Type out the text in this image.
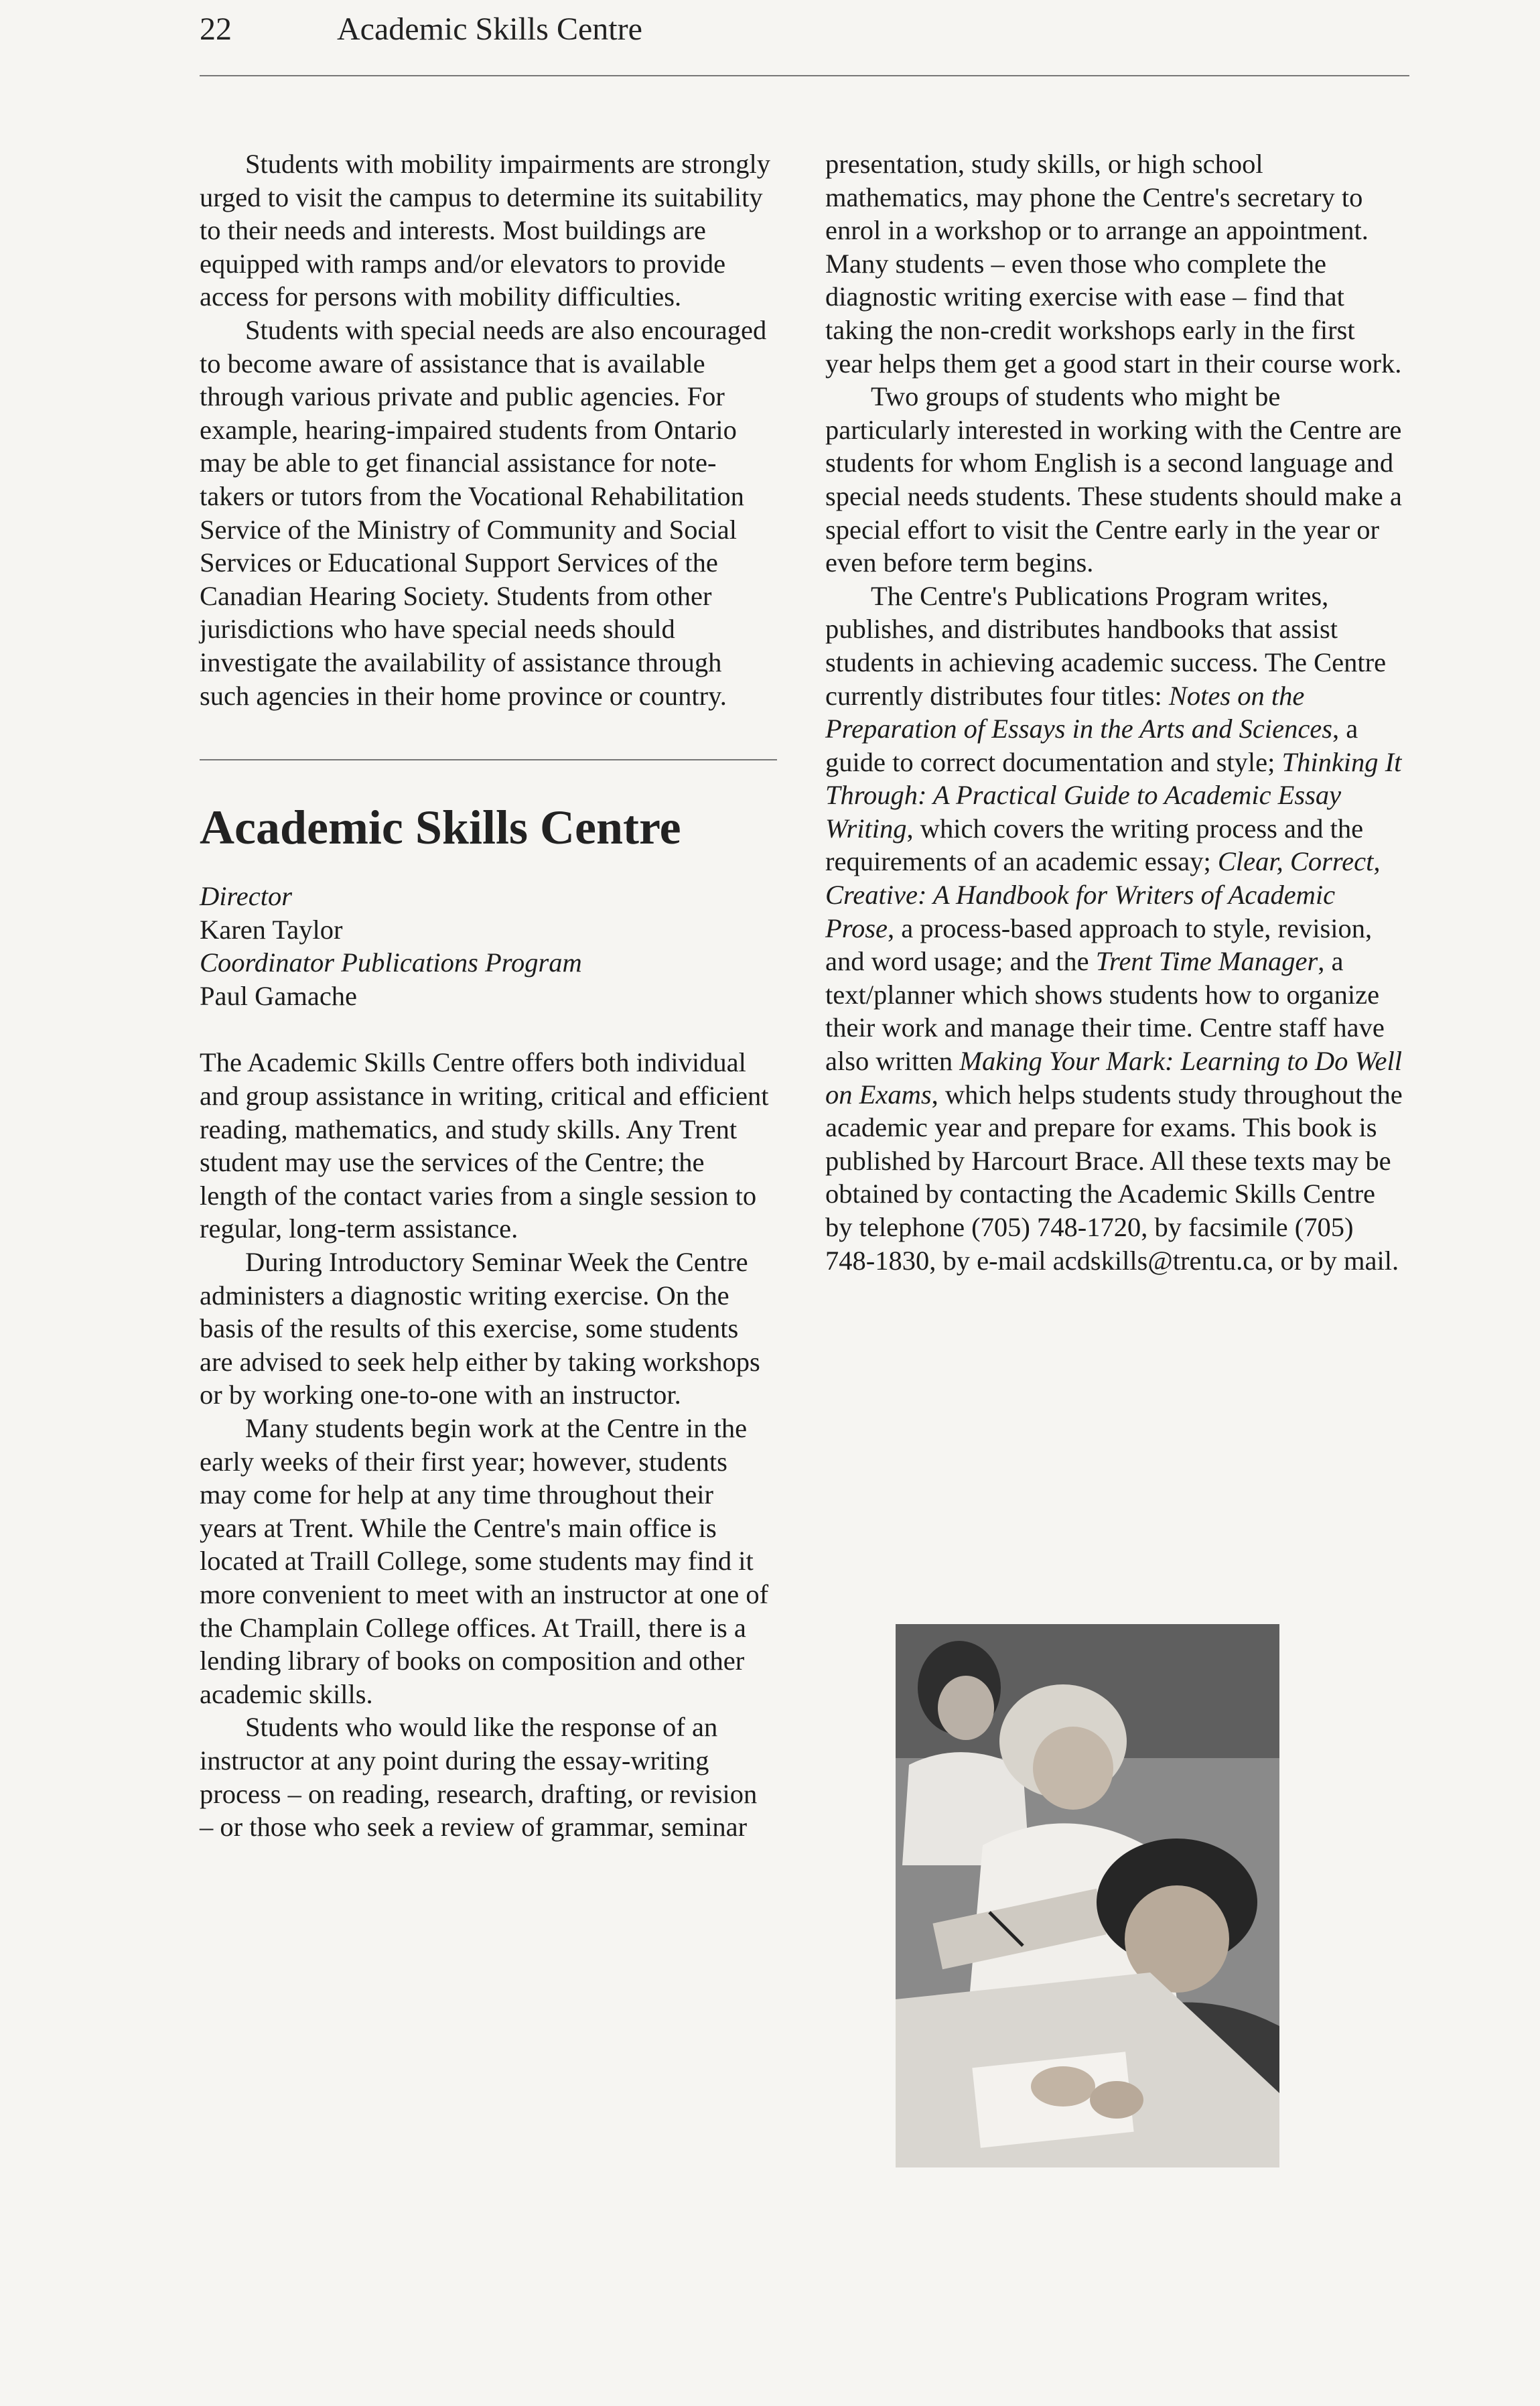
22	Academic Skills Centre

Students with mobility impairments are strongly urged to visit the campus to determine its suitability to their needs and interests. Most buildings are equipped with ramps and/or elevators to provide access for persons with mobility difficulties.

Students with special needs are also encouraged to become aware of assistance that is available through various private and public agencies. For example, hearing-impaired students from Ontario may be able to get financial assistance for note-takers or tutors from the Vocational Rehabilitation Service of the Ministry of Community and Social Services or Educational Support Services of the Canadian Hearing Society. Students from other jurisdictions who have special needs should investigate the availability of assistance through such agencies in their home province or country.

Academic Skills Centre
Director
Karen Taylor
Coordinator Publications Program
Paul Gamache

The Academic Skills Centre offers both individual and group assistance in writing, critical and efficient reading, mathematics, and study skills. Any Trent student may use the services of the Centre; the length of the contact varies from a single session to regular, long-term assistance.

During Introductory Seminar Week the Centre administers a diagnostic writing exercise. On the basis of the results of this exercise, some students are advised to seek help either by taking workshops or by working one-to-one with an instructor.

Many students begin work at the Centre in the early weeks of their first year; however, students may come for help at any time throughout their years at Trent. While the Centre's main office is located at Traill College, some students may find it more convenient to meet with an instructor at one of the Champlain College offices. At Traill, there is a lending library of books on composition and other academic skills.

Students who would like the response of an instructor at any point during the essay-writing process – on reading, research, drafting, or revision – or those who seek a review of grammar, seminar

presentation, study skills, or high school mathematics, may phone the Centre's secretary to enrol in a workshop or to arrange an appointment. Many students – even those who complete the diagnostic writing exercise with ease – find that taking the non-credit workshops early in the first year helps them get a good start in their course work.

Two groups of students who might be particularly interested in working with the Centre are students for whom English is a second language and special needs students. These students should make a special effort to visit the Centre early in the year or even before term begins.

The Centre's Publications Program writes, publishes, and distributes handbooks that assist students in achieving academic success. The Centre currently distributes four titles: Notes on the Preparation of Essays in the Arts and Sciences, a guide to correct documentation and style; Thinking It Through: A Practical Guide to Academic Essay Writing, which covers the writing process and the requirements of an academic essay; Clear, Correct, Creative: A Handbook for Writers of Academic Prose, a process-based approach to style, revision, and word usage; and the Trent Time Manager, a text/planner which shows students how to organize their work and manage their time. Centre staff have also written Making Your Mark: Learning to Do Well on Exams, which helps students study throughout the academic year and prepare for exams. This book is published by Harcourt Brace. All these texts may be obtained by contacting the Academic Skills Centre by telephone (705) 748-1720, by facsimile (705) 748-1830, by e-mail acdskills@trentu.ca, or by mail.
